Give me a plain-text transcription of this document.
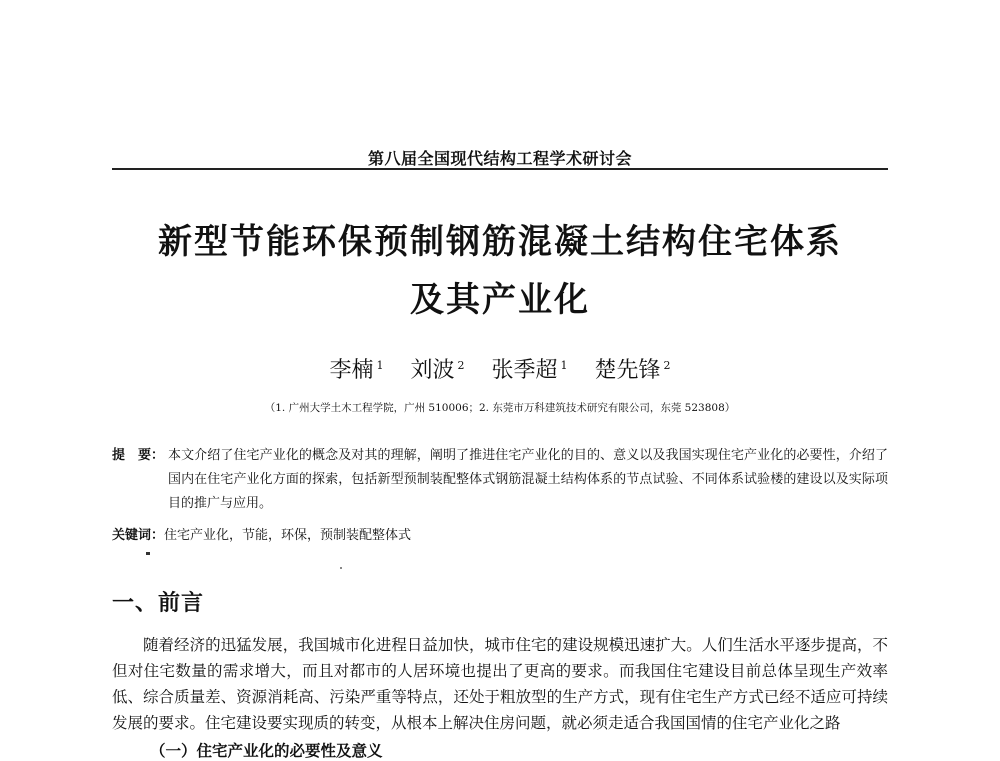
第八届全国现代结构工程学术研讨会
新型节能环保预制钢筋混凝土结构住宅体系
及其产业化
李楠 $^1$ 刘波 $^2$ 张季超 $^1$ 楚先锋 $^2$
（1. 广州大学土木工程学院，广州 510006；2. 东莞市万科建筑技术研究有限公司，东莞 523808）
提　要： 本文介绍了住宅产业化的概念及对其的理解，阐明了推进住宅产业化的目的、意义以及我国实现住宅产业化的必要性，介绍了国内在住宅产业化方面的探索，包括新型预制装配整体式钢筋混凝土结构体系的节点试验、不同体系试验楼的建设以及实际项目的推广与应用。
关键词：住宅产业化，节能，环保，预制装配整体式
一、前言
随着经济的迅猛发展，我国城市化进程日益加快，城市住宅的建设规模迅速扩大。人们生活水平逐步提高，不但对住宅数量的需求增大，而且对都市的人居环境也提出了更高的要求。而我国住宅建设目前总体呈现生产效率低、综合质量差、资源消耗高、污染严重等特点，还处于粗放型的生产方式，现有住宅生产方式已经不适应可持续发展的要求。住宅建设要实现质的转变，从根本上解决住房问题，就必须走适合我国国情的住宅产业化之路
（一）住宅产业化的必要性及意义
